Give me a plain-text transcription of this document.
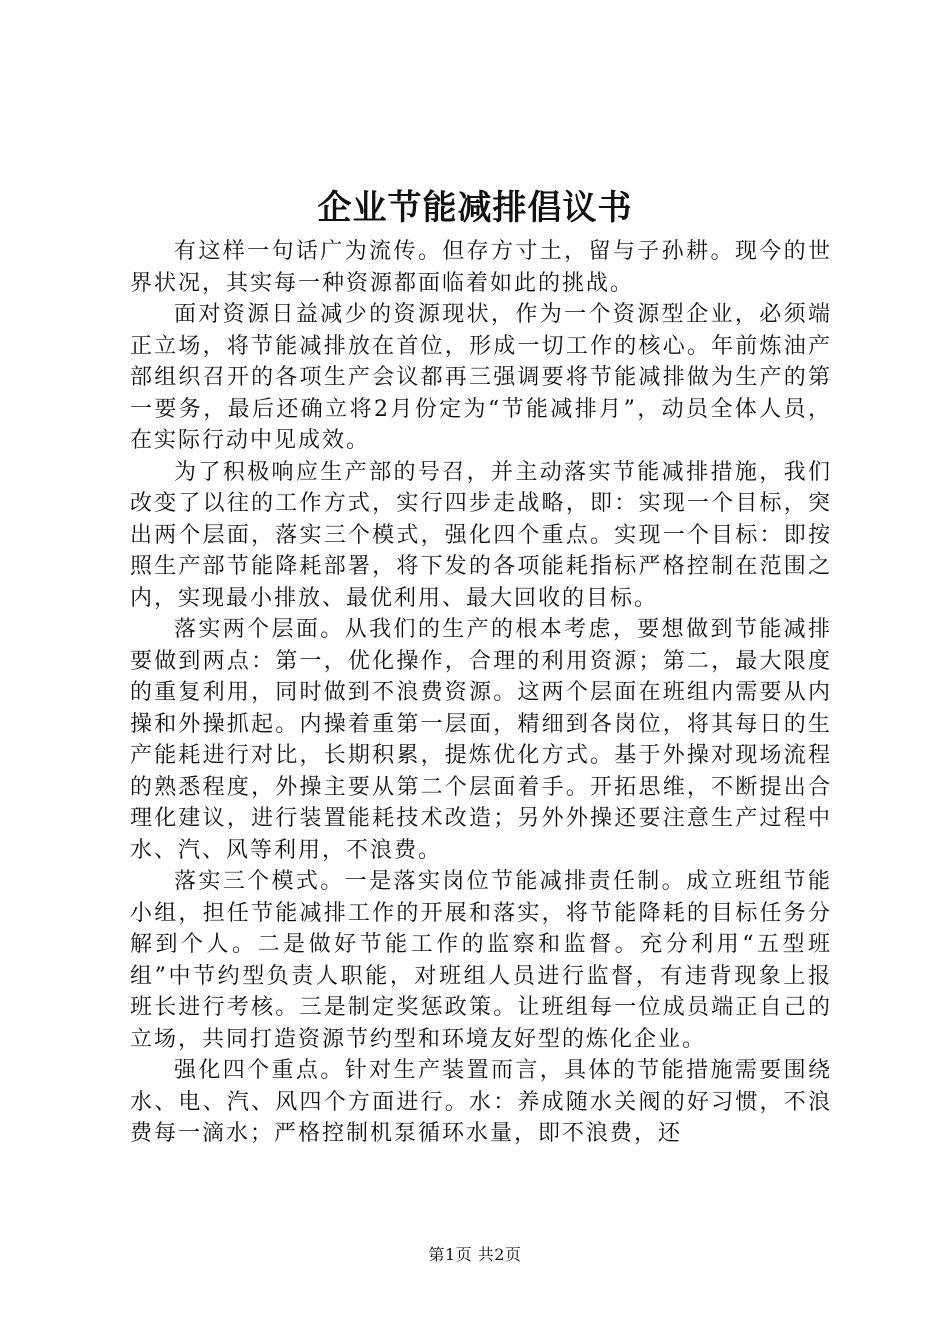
企业节能减排倡议书

有这样一句话广为流传。但存方寸土，留与子孙耕。现今的世界状况，其实每一种资源都面临着如此的挑战。

面对资源日益减少的资源现状，作为一个资源型企业，必须端正立场，将节能减排放在首位，形成一切工作的核心。年前炼油产部组织召开的各项生产会议都再三强调要将节能减排做为生产的第一要务，最后还确立将2月份定为“节能减排月”，动员全体人员，在实际行动中见成效。

为了积极响应生产部的号召，并主动落实节能减排措施，我们改变了以往的工作方式，实行四步走战略，即：实现一个目标，突出两个层面，落实三个模式，强化四个重点。实现一个目标：即按照生产部节能降耗部署，将下发的各项能耗指标严格控制在范围之内，实现最小排放、最优利用、最大回收的目标。

落实两个层面。从我们的生产的根本考虑，要想做到节能减排要做到两点：第一，优化操作，合理的利用资源；第二，最大限度的重复利用，同时做到不浪费资源。这两个层面在班组内需要从内操和外操抓起。内操着重第一层面，精细到各岗位，将其每日的生产能耗进行对比，长期积累，提炼优化方式。基于外操对现场流程的熟悉程度，外操主要从第二个层面着手。开拓思维，不断提出合理化建议，进行装置能耗技术改造；另外外操还要注意生产过程中水、汽、风等利用，不浪费。

落实三个模式。一是落实岗位节能减排责任制。成立班组节能小组，担任节能减排工作的开展和落实，将节能降耗的目标任务分解到个人。二是做好节能工作的监察和监督。充分利用“五型班组”中节约型负责人职能，对班组人员进行监督，有违背现象上报班长进行考核。三是制定奖惩政策。让班组每一位成员端正自己的立场，共同打造资源节约型和环境友好型的炼化企业。

强化四个重点。针对生产装置而言，具体的节能措施需要围绕水、电、汽、风四个方面进行。水：养成随水关阀的好习惯，不浪费每一滴水；严格控制机泵循环水量，即不浪费，还

第1页 共2页
